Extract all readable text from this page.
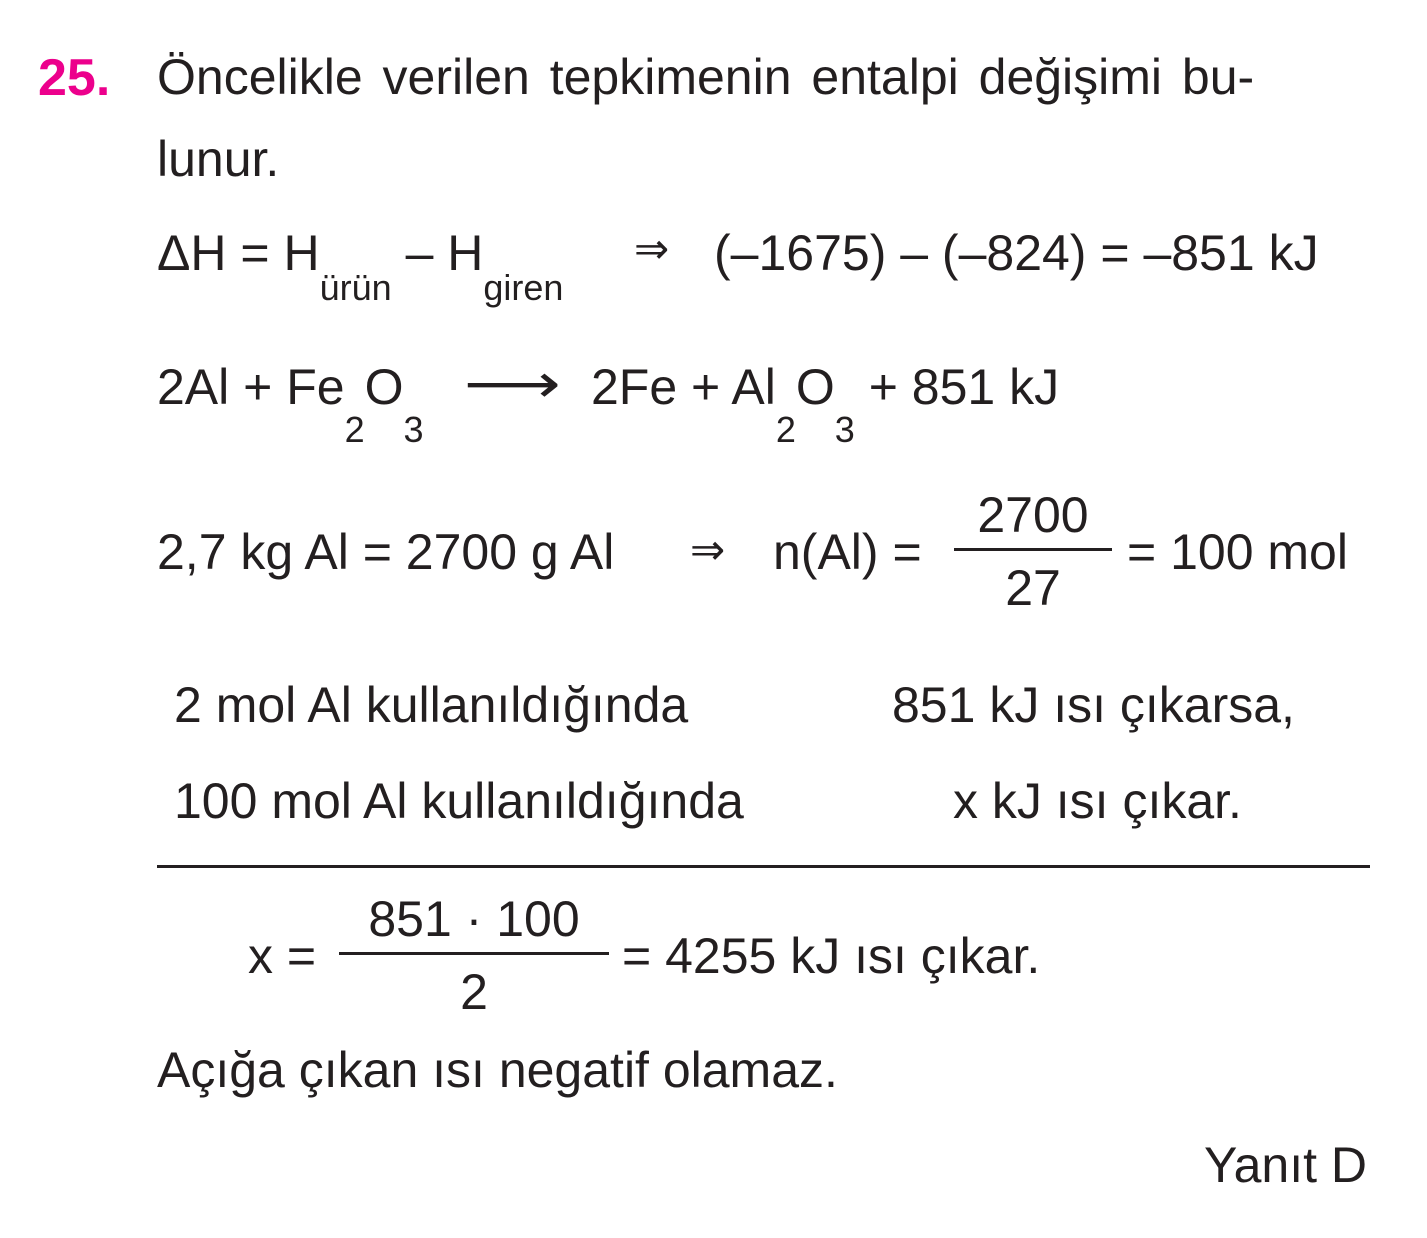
25. Öncelikle verilen tepkimenin entalpi değişimi bu-
lunur.
$\Delta H = H_{ürün} - H_{giren}$
⇒ (–1675) – (–824) = –851 kJ
$2Al + Fe_2O_3$
⟶ $2Fe + Al_2O_3 + 851$ kJ
2,7 kg Al = 2700 g Al ⇒ n(Al) =
2700
27
= 100 mol
2 mol Al kullanıldığında	851 kJ ısı çıkarsa,
100 mol Al kullanıldığında	x kJ ısı çıkar.
x =
851 · 100
2
= 4255 kJ ısı çıkar.
Açığa çıkan ısı negatif olamaz.
Yanıt D
